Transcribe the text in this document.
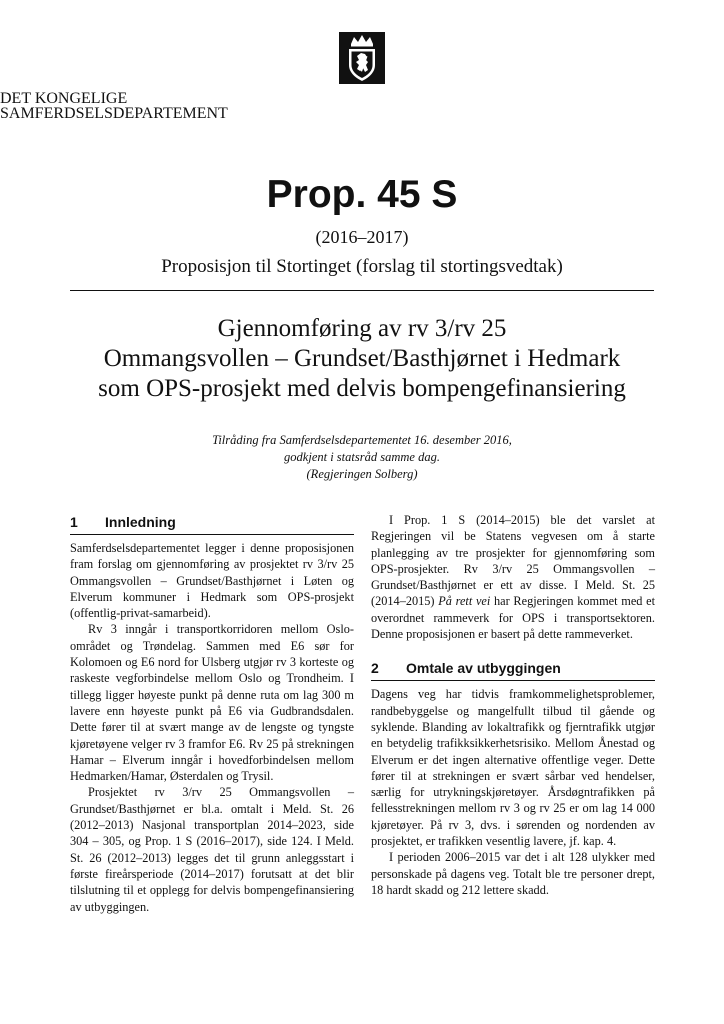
DET KONGELIGE
SAMFERDSELSDEPARTEMENT
Prop. 45 S
(2016–2017)
Proposisjon til Stortinget (forslag til stortingsvedtak)
Gjennomføring av rv 3/rv 25
Ommangsvollen – Grundset/Basthjørnet i Hedmark
som OPS-prosjekt med delvis bompengefinansiering
Tilråding fra Samferdselsdepartementet 16. desember 2016,
godkjent i statsråd samme dag.
(Regjeringen Solberg)
1 Innledning

Samferdselsdepartementet legger i denne proposisjonen fram forslag om gjennomføring av prosjektet rv 3/rv 25 Ommangsvollen – Grundset/Basthjørnet i Løten og Elverum kommuner i Hedmark som OPS-prosjekt (offentlig-privat-samarbeid).

Rv 3 inngår i transportkorridoren mellom Oslo-området og Trøndelag. Sammen med E6 sør for Kolomoen og E6 nord for Ulsberg utgjør rv 3 korteste og raskeste vegforbindelse mellom Oslo og Trondheim. I tillegg ligger høyeste punkt på denne ruta om lag 300 m lavere enn høyeste punkt på E6 via Gudbrandsdalen. Dette fører til at svært mange av de lengste og tyngste kjøretøyene velger rv 3 framfor E6. Rv 25 på strekningen Hamar – Elverum inngår i hovedforbindelsen mellom Hedmarken/Hamar, Østerdalen og Trysil.

Prosjektet rv 3/rv 25 Ommangsvollen – Grundset/Basthjørnet er bl.a. omtalt i Meld. St. 26 (2012–2013) Nasjonal transportplan 2014–2023, side 304 – 305, og Prop. 1 S (2016–2017), side 124. I Meld. St. 26 (2012–2013) legges det til grunn anleggsstart i første fireårsperiode (2014–2017) forutsatt at det blir tilslutning til et opplegg for delvis bompengefinansiering av utbyggingen.

I Prop. 1 S (2014–2015) ble det varslet at Regjeringen vil be Statens vegvesen om å starte planlegging av tre prosjekter for gjennomføring som OPS-prosjekter. Rv 3/rv 25 Ommangsvollen – Grundset/Basthjørnet er ett av disse. I Meld. St. 25 (2014–2015) På rett vei har Regjeringen kommet med et overordnet rammeverk for OPS i transportsektoren. Denne proposisjonen er basert på dette rammeverket.

2 Omtale av utbyggingen

Dagens veg har tidvis framkommelighetsproblemer, randbebyggelse og mangelfullt tilbud til gående og syklende. Blanding av lokaltrafikk og fjerntrafikk utgjør en betydelig trafikksikkerhetsrisiko. Mellom Ånestad og Elverum er det ingen alternative offentlige veger. Dette fører til at strekningen er svært sårbar ved hendelser, særlig for utrykningskjøretøyer. Årsdøgntrafikken på fellesstrekningen mellom rv 3 og rv 25 er om lag 14 000 kjøretøyer. På rv 3, dvs. i sørenden og nordenden av prosjektet, er trafikken vesentlig lavere, jf. kap. 4.

I perioden 2006–2015 var det i alt 128 ulykker med personskade på dagens veg. Totalt ble tre personer drept, 18 hardt skadd og 212 lettere skadd.
